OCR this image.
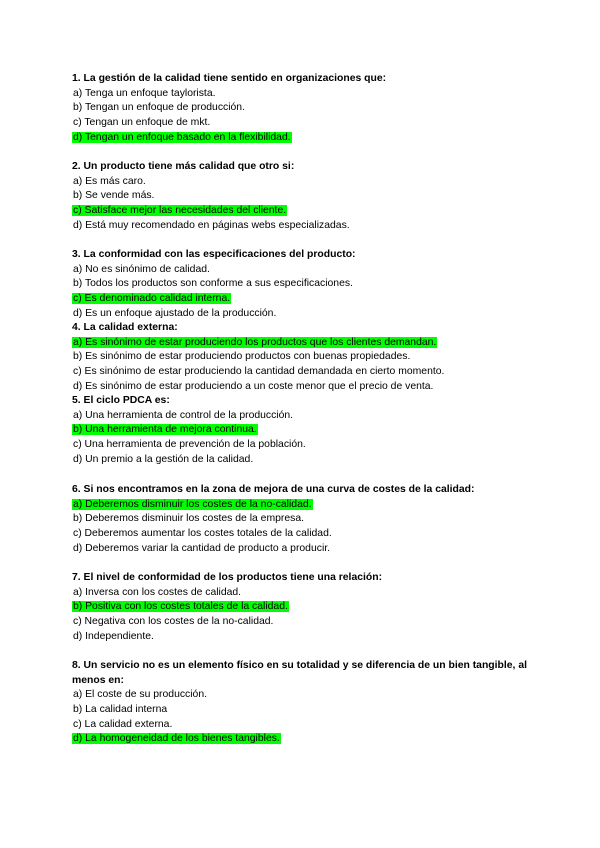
1. La gestión de la calidad tiene sentido en organizaciones que:
a) Tenga un enfoque taylorista.
b) Tengan un enfoque de producción.
c) Tengan un enfoque de mkt.
d) Tengan un enfoque basado en la flexibilidad.
2. Un producto tiene más calidad que otro si:
a) Es más caro.
b) Se vende más.
c) Satisface mejor las necesidades del cliente.
d) Está muy recomendado en páginas webs especializadas.
3. La conformidad con las especificaciones del producto:
a) No es sinónimo de calidad.
b) Todos los productos son conforme a sus especificaciones.
c) Es denominado calidad interna.
d) Es un enfoque ajustado de la producción.
4. La calidad externa:
a) Es sinónimo de estar produciendo los productos que los clientes demandan.
b) Es sinónimo de estar produciendo productos con buenas propiedades.
c) Es sinónimo de estar produciendo la cantidad demandada en cierto momento.
d) Es sinónimo de estar produciendo a un coste menor que el precio de venta.
5. El ciclo PDCA es:
a) Una herramienta de control de la producción.
b) Una herramienta de mejora continua.
c) Una herramienta de prevención de la población.
d) Un premio a la gestión de la calidad.
6. Si nos encontramos en la zona de mejora de una curva de costes de la calidad:
a) Deberemos disminuir los costes de la no-calidad.
b) Deberemos disminuir los costes de la empresa.
c) Deberemos aumentar los costes totales de la calidad.
d) Deberemos variar la cantidad de producto a producir.
7. El nivel de conformidad de los productos tiene una relación:
a) Inversa con los costes de calidad.
b) Positiva con los costes totales de la calidad.
c) Negativa con los costes de la no-calidad.
d) Independiente.
8. Un servicio no es un elemento físico en su totalidad y se diferencia de un bien tangible, al menos en:
a) El coste de su producción.
b) La calidad interna
c) La calidad externa.
d) La homogeneidad de los bienes tangibles.
